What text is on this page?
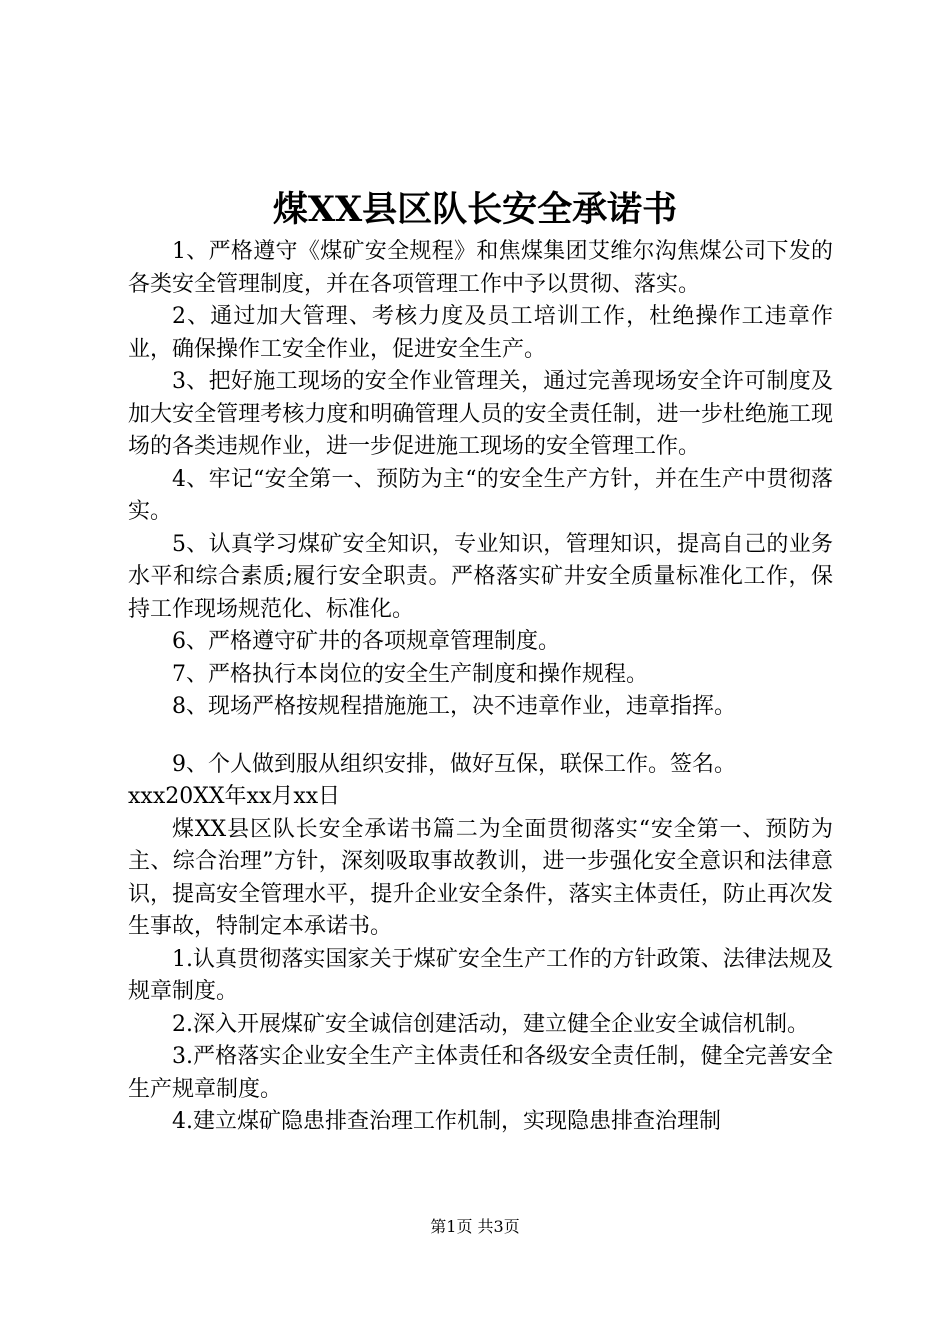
煤XX县区队长安全承诺书

1、严格遵守《煤矿安全规程》和焦煤集团艾维尔沟焦煤公司下发的各类安全管理制度，并在各项管理工作中予以贯彻、落实。

2、通过加大管理、考核力度及员工培训工作，杜绝操作工违章作业，确保操作工安全作业，促进安全生产。

3、把好施工现场的安全作业管理关，通过完善现场安全许可制度及加大安全管理考核力度和明确管理人员的安全责任制，进一步杜绝施工现场的各类违规作业，进一步促进施工现场的安全管理工作。

4、牢记“安全第一、预防为主“的安全生产方针，并在生产中贯彻落实。

5、认真学习煤矿安全知识，专业知识，管理知识，提高自己的业务水平和综合素质;履行安全职责。严格落实矿井安全质量标准化工作，保持工作现场规范化、标准化。

6、严格遵守矿井的各项规章管理制度。

7、严格执行本岗位的安全生产制度和操作规程。

8、现场严格按规程措施施工，决不违章作业，违章指挥。

9、个人做到服从组织安排，做好互保，联保工作。签名。

xxx20XX年xx月xx日

煤XX县区队长安全承诺书篇二为全面贯彻落实“安全第一、预防为主、综合治理”方针，深刻吸取事故教训，进一步强化安全意识和法律意识，提高安全管理水平，提升企业安全条件，落实主体责任，防止再次发生事故，特制定本承诺书。

1.认真贯彻落实国家关于煤矿安全生产工作的方针政策、法律法规及规章制度。

2.深入开展煤矿安全诚信创建活动，建立健全企业安全诚信机制。

3.严格落实企业安全生产主体责任和各级安全责任制，健全完善安全生产规章制度。

4.建立煤矿隐患排查治理工作机制，实现隐患排查治理制

第1页 共3页
